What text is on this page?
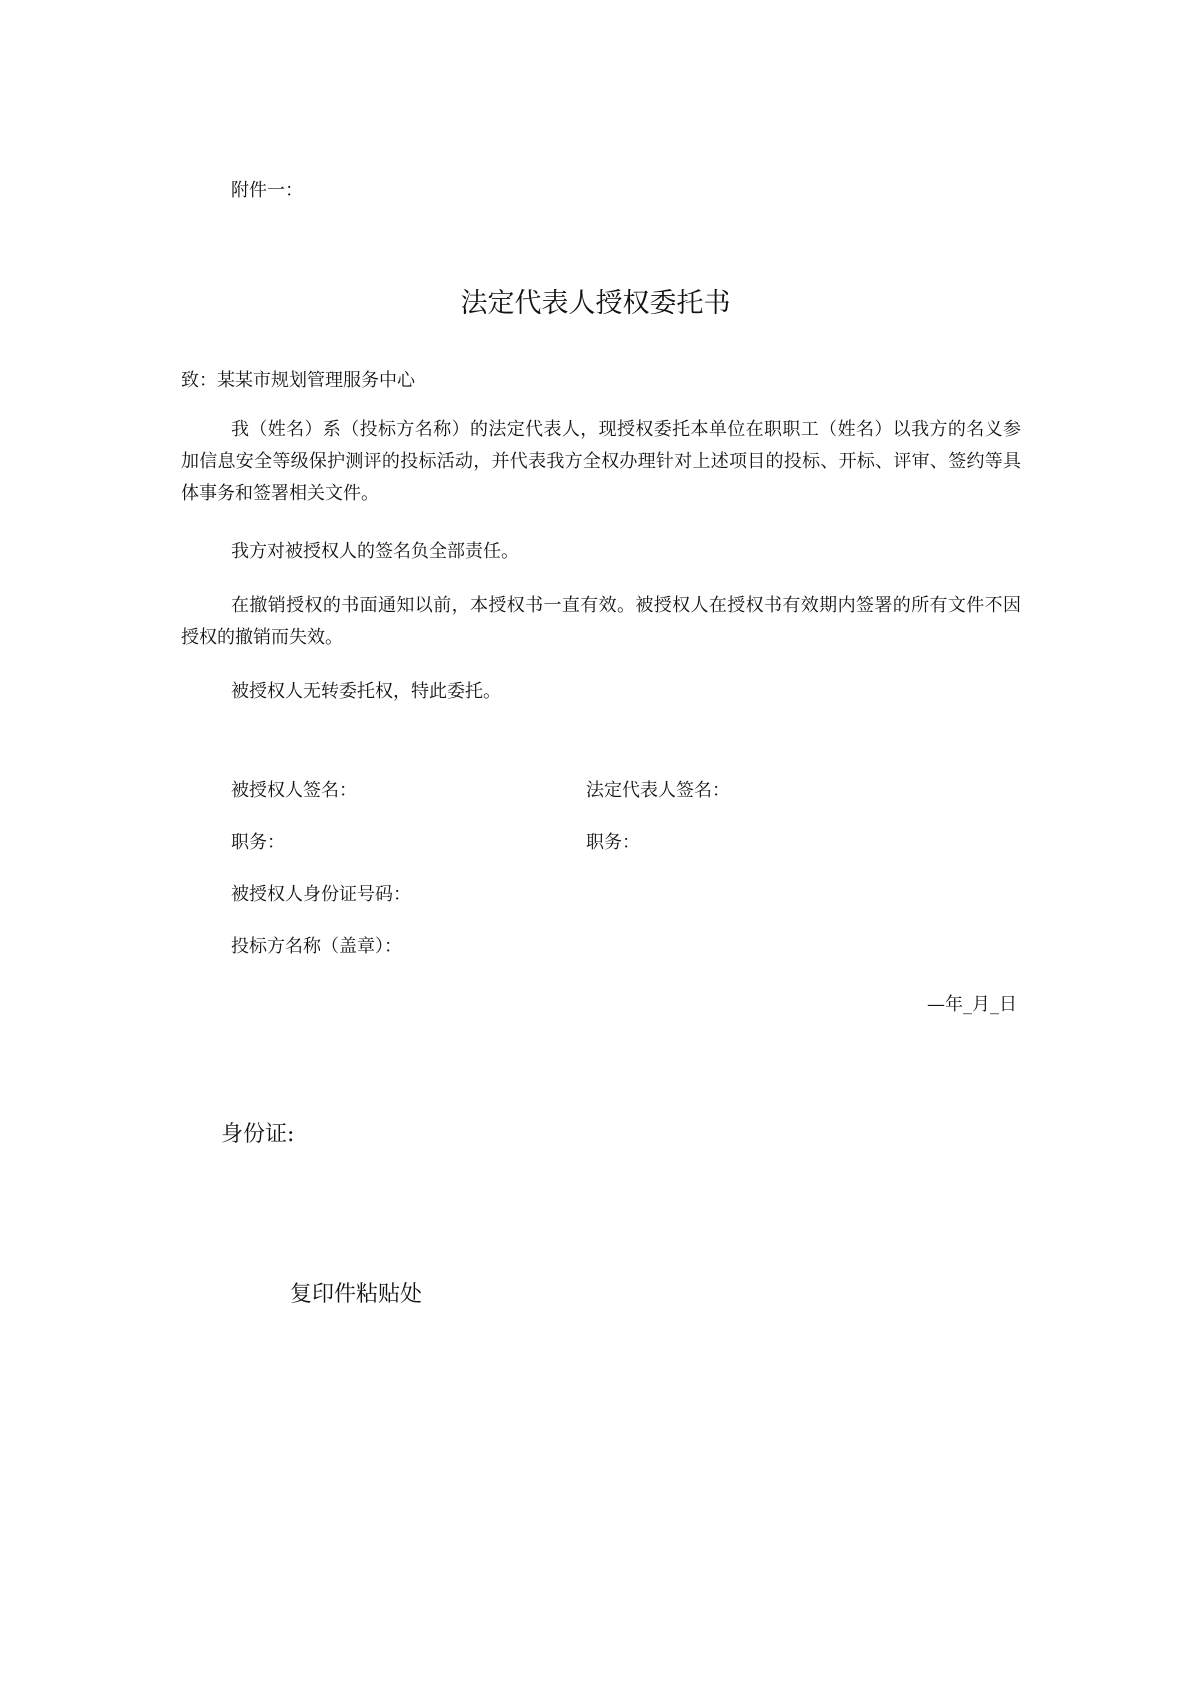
附件一：
法定代表人授权委托书
致：某某市规划管理服务中心

我（姓名）系（投标方名称）的法定代表人，现授权委托本单位在职职工（姓名）以我方的名义参加信息安全等级保护测评的投标活动，并代表我方全权办理针对上述项目的投标、开标、评审、签约等具体事务和签署相关文件。

我方对被授权人的签名负全部责任。

在撤销授权的书面通知以前，本授权书一直有效。被授权人在授权书有效期内签署的所有文件不因授权的撤销而失效。

被授权人无转委托权，特此委托。

被授权人签名：	法定代表人签名：
职务：	职务：
被授权人身份证号码：
投标方名称（盖章）：
—年_月_日
身份证:
复印件粘贴处
